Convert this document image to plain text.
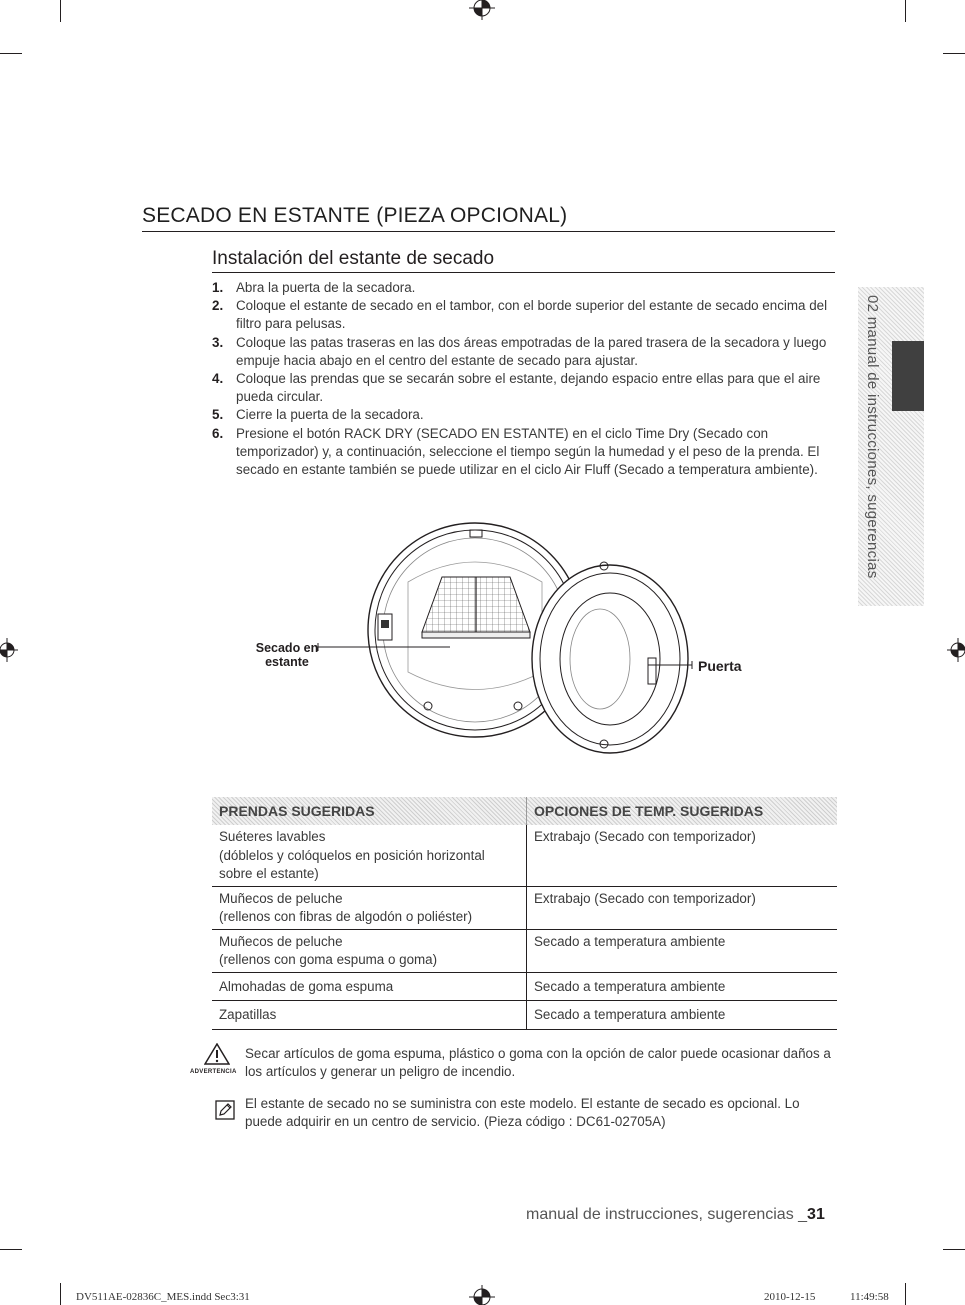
SECADO EN ESTANTE (PIEZA OPCIONAL)
Instalación del estante de secado
1. Abra la puerta de la secadora.
2. Coloque el estante de secado en el tambor, con el borde superior del estante de secado encima del filtro para pelusas.
3. Coloque las patas traseras en las dos áreas empotradas de la pared trasera de la secadora y luego empuje hacia abajo en el centro del estante de secado para ajustar.
4. Coloque las prendas que se secarán sobre el estante, dejando espacio entre ellas para que el aire pueda circular.
5. Cierre la puerta de la secadora.
6. Presione el botón RACK DRY (SECADO EN ESTANTE) en el ciclo Time Dry (Secado con temporizador) y, a continuación, seleccione el tiempo según la humedad y el peso de la prenda. El secado en estante también se puede utilizar en el ciclo Air Fluff (Secado a temperatura ambiente).	02 manual de instrucciones, sugerencias
Secado en
estante	Puerta
PRENDAS SUGERIDAS	OPCIONES DE TEMP. SUGERIDAS
Suéteres lavables
(dóblelos y colóquelos en posición horizontal sobre el estante)	Extrabajo (Secado con temporizador)
Muñecos de peluche
(rellenos con fibras de algodón o poliéster)	Extrabajo (Secado con temporizador)
Muñecos de peluche
(rellenos con goma espuma o goma)	Secado a temperatura ambiente
Almohadas de goma espuma	Secado a temperatura ambiente
Zapatillas	Secado a temperatura ambiente
ADVERTENCIA
Secar artículos de goma espuma, plástico o goma con la opción de calor puede ocasionar daños a los artículos y generar un peligro de incendio.
El estante de secado no se suministra con este modelo. El estante de secado es opcional. Lo puede adquirir en un centro de servicio. (Pieza código : DC61-02705A)
manual de instrucciones, sugerencias _31
DV511AE-02836C_MES.indd Sec3:31	2010-12-15	11:49:58
